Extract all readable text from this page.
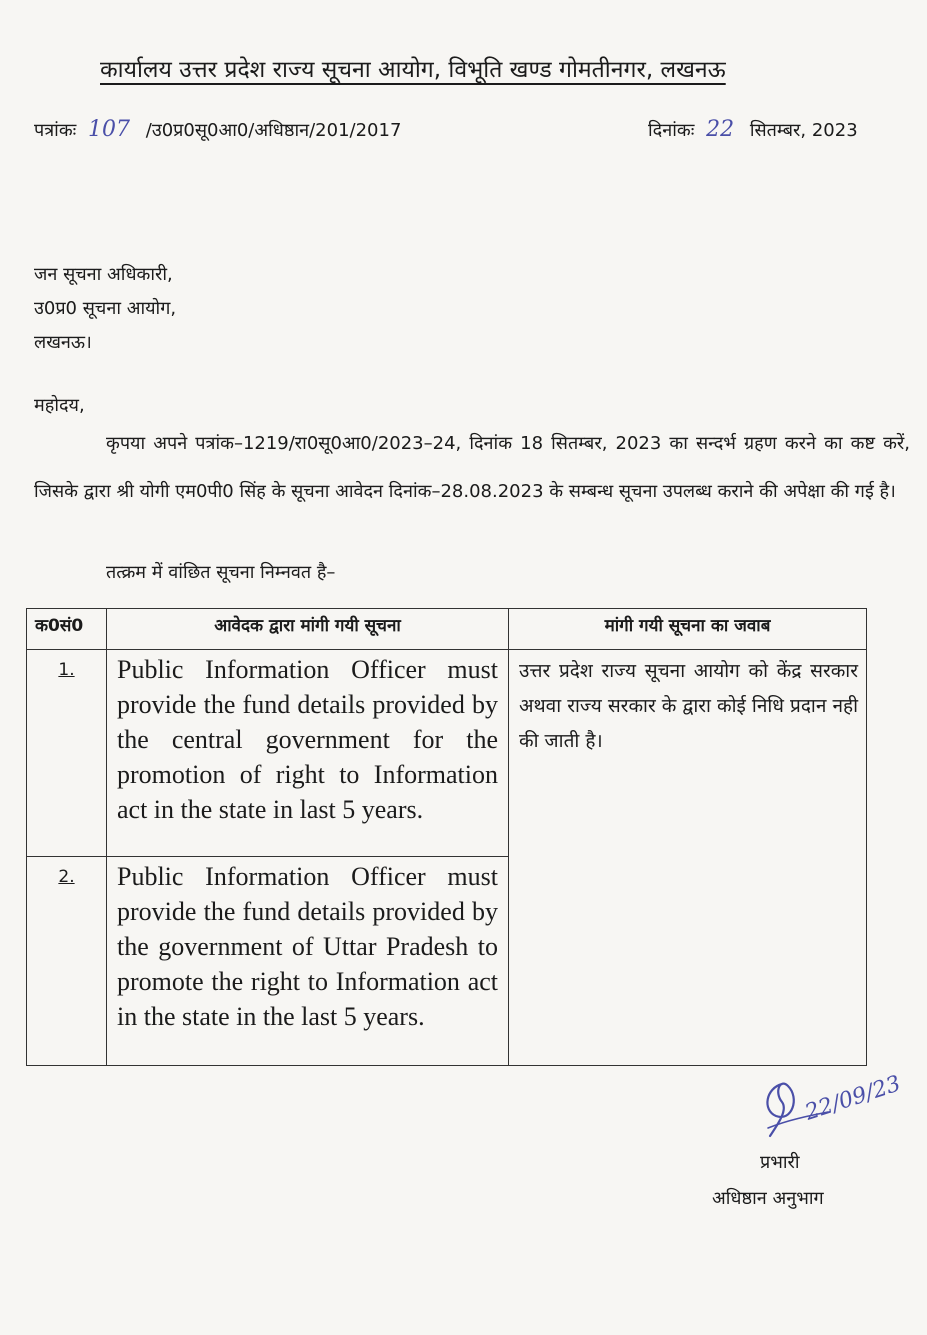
कार्यालय उत्तर प्रदेश राज्य सूचना आयोग, विभूति खण्ड गोमतीनगर, लखनऊ
पत्रांकः 107 /उ0प्र0सू0आ0/अधिष्ठान/201/2017	दिनांकः 22 सितम्बर, 2023
जन सूचना अधिकारी,
उ0प्र0 सूचना आयोग,
लखनऊ।
महोदय,
कृपया अपने पत्रांक–1219/रा0सू0आ0/2023–24, दिनांक 18 सितम्बर, 2023 का सन्दर्भ ग्रहण करने का कष्ट करें, जिसके द्वारा श्री योगी एम0पी0 सिंह के सूचना आवेदन दिनांक–28.08.2023 के सम्बन्ध सूचना उपलब्ध कराने की अपेक्षा की गई है।
तत्क्रम में वांछित सूचना निम्नवत है–
क0सं0	आवेदक द्वारा मांगी गयी सूचना	मांगी गयी सूचना का जवाब
1.	Public Information Officer must provide the fund details provided by the central government for the promotion of right to Information act in the state in last 5 years.	उत्तर प्रदेश राज्य सूचना आयोग को केंद्र सरकार अथवा राज्य सरकार के द्वारा कोई निधि प्रदान नही की जाती है।
2.	Public Information Officer must provide the fund details provided by the government of Uttar Pradesh to promote the right to Information act in the state in the last 5 years.	
22/09/23
प्रभारी
अधिष्ठान अनुभाग
